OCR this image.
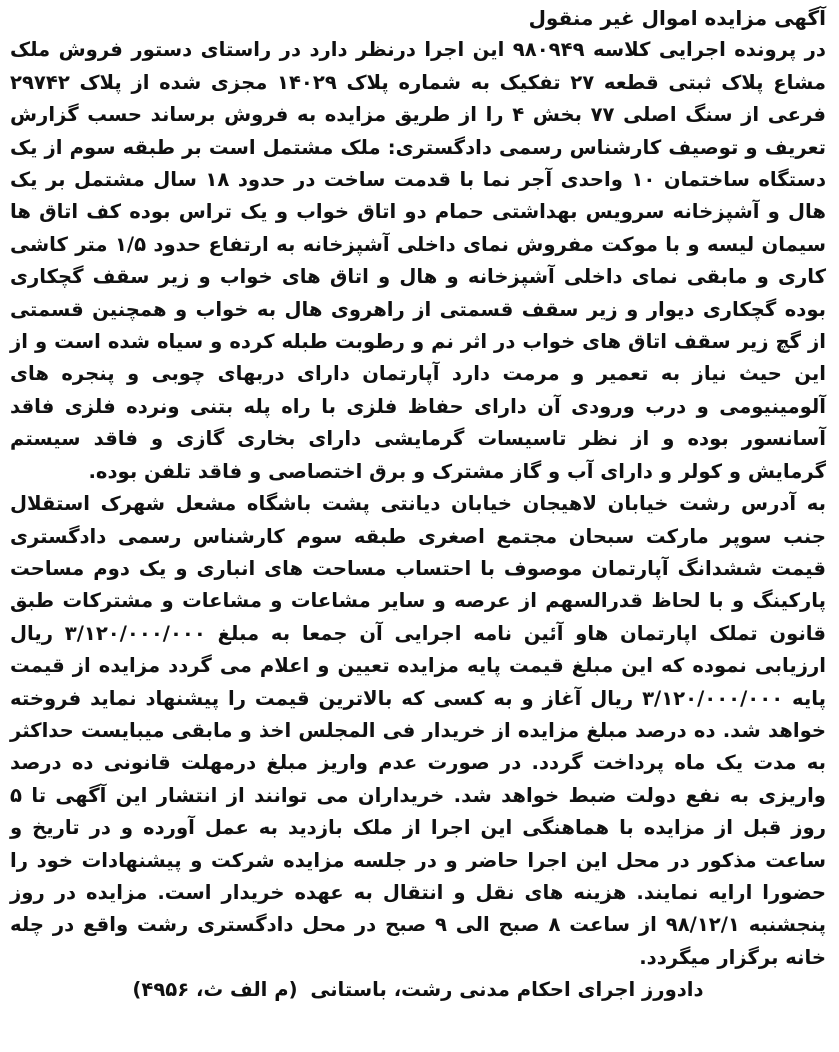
آگهی مزایده اموال غیر منقول

در پرونده اجرایی کلاسه ۹۸۰۹۴۹ این اجرا درنظر دارد در راستای دستور فروش ملک مشاع پلاک ثبتی قطعه ۲۷ تفکیک به شماره پلاک ۱۴۰۲۹ مجزی شده از پلاک ۲۹۷۴۲ فرعی از سنگ اصلی ۷۷ بخش ۴ را از طریق مزایده به فروش برساند حسب گزارش تعریف و توصیف کارشناس رسمی دادگستری: ملک مشتمل است بر طبقه سوم از یک دستگاه ساختمان ۱۰ واحدی آجر نما با قدمت ساخت در حدود ۱۸ سال مشتمل بر یک هال و آشپزخانه سرویس بهداشتی حمام دو اتاق خواب و یک تراس بوده کف اتاق ها سیمان لیسه و با موکت مفروش نمای داخلی آشپزخانه به ارتفاع حدود ۱/۵ متر کاشی کاری و مابقی نمای داخلی آشپزخانه و هال و اتاق های خواب و زیر سقف گچکاری بوده گچکاری دیوار و زیر سقف قسمتی از راهروی هال به خواب و همچنین قسمتی از گچ زیر سقف اتاق های خواب در اثر نم و رطوبت طبله کرده و سیاه شده است و از این حیث نیاز به تعمیر و مرمت دارد آپارتمان دارای دربهای چوبی و پنجره های آلومینیومی و درب ورودی آن دارای حفاظ فلزی با راه پله بتنی ونرده فلزی فاقد آسانسور بوده و از نظر تاسیسات گرمایشی دارای بخاری گازی و فاقد سیستم گرمایش و کولر و دارای آب و گاز مشترک و برق اختصاصی و فاقد تلفن بوده.

به آدرس رشت خیابان لاهیجان خیابان دیانتی پشت باشگاه مشعل شهرک استقلال جنب سوپر مارکت سبحان مجتمع اصغری طبقه سوم کارشناس رسمی دادگستری قیمت ششدانگ آپارتمان موصوف با احتساب مساحت های انباری و یک دوم مساحت پارکینگ و با لحاظ قدرالسهم از عرصه و سایر مشاعات و مشاعات و مشترکات طبق قانون تملک اپارتمان هاو آئین نامه اجرایی آن جمعا به مبلغ ۳/۱۲۰/۰۰۰/۰۰۰ ریال ارزیابی نموده که این مبلغ قیمت پایه مزایده تعیین و اعلام می گردد مزایده از قیمت پایه ۳/۱۲۰/۰۰۰/۰۰۰ ریال آغاز و به کسی که بالاترین قیمت را پیشنهاد نماید فروخته خواهد شد. ده درصد مبلغ مزایده از خریدار فی المجلس اخذ و مابقی میبایست حداکثر به مدت یک ماه پرداخت گردد. در صورت عدم واریز مبلغ درمهلت قانونی ده درصد واریزی به نفع دولت ضبط خواهد شد. خریداران می توانند از انتشار این آگهی تا ۵ روز قبل از مزایده با هماهنگی این اجرا از ملک بازدید به عمل آورده و در تاریخ و ساعت مذکور در محل این اجرا حاضر و در جلسه مزایده شرکت و پیشنهادات خود را حضورا ارایه نمایند. هزینه های نقل و انتقال به عهده خریدار است. مزایده در روز پنجشنبه ۹۸/۱۲/۱ از ساعت ۸ صبح الی ۹ صبح در محل دادگستری رشت واقع در چله خانه برگزار میگردد.

دادورز اجرای احکام مدنی رشت، باستانی (م الف ث، ۴۹۵۶)
